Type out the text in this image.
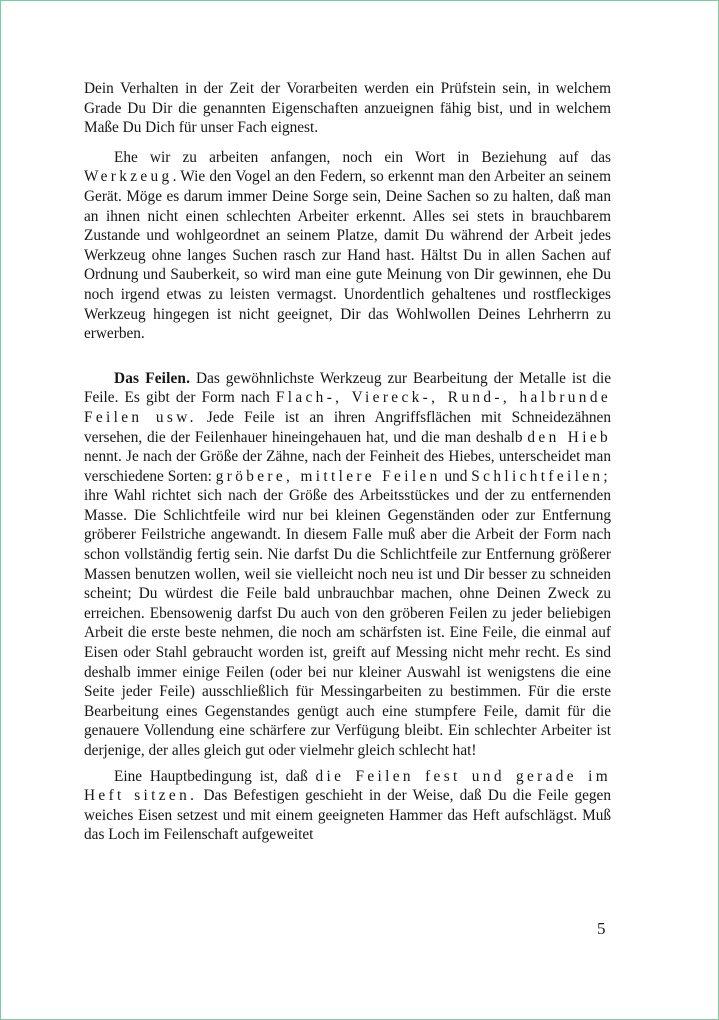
Dein Verhalten in der Zeit der Vorarbeiten werden ein Prüfstein sein, in welchem Grade Du Dir die genannten Eigenschaften anzueignen fähig bist, und in welchem Maße Du Dich für unser Fach eignest.

Ehe wir zu arbeiten anfangen, noch ein Wort in Beziehung auf das Werkzeug. Wie den Vogel an den Federn, so erkennt man den Arbeiter an seinem Gerät. Möge es darum immer Deine Sorge sein, Deine Sachen so zu halten, daß man an ihnen nicht einen schlechten Arbeiter erkennt. Alles sei stets in brauchbarem Zustande und wohlgeordnet an seinem Platze, damit Du während der Arbeit jedes Werkzeug ohne langes Suchen rasch zur Hand hast. Hältst Du in allen Sachen auf Ordnung und Sauberkeit, so wird man eine gute Meinung von Dir gewinnen, ehe Du noch irgend etwas zu leisten vermagst. Unordentlich gehaltenes und rostfleckiges Werkzeug hingegen ist nicht geeignet, Dir das Wohlwollen Deines Lehrherrn zu erwerben.

Das Feilen. Das gewöhnlichste Werkzeug zur Bearbeitung der Metalle ist die Feile. Es gibt der Form nach Flach-, Viereck-, Rund-, halbrunde Feilen usw. Jede Feile ist an ihren Angriffsflächen mit Schneidezähnen versehen, die der Feilenhauer hineingehauen hat, und die man deshalb den Hieb nennt. Je nach der Größe der Zähne, nach der Feinheit des Hiebes, unterscheidet man verschiedene Sorten: gröbere, mittlere Feilen und Schlichtfeilen; ihre Wahl richtet sich nach der Größe des Arbeitsstückes und der zu entfernenden Masse. Die Schlichtfeile wird nur bei kleinen Gegenständen oder zur Entfernung gröberer Feilstriche angewandt. In diesem Falle muß aber die Arbeit der Form nach schon vollständig fertig sein. Nie darfst Du die Schlichtfeile zur Entfernung größerer Massen benutzen wollen, weil sie vielleicht noch neu ist und Dir besser zu schneiden scheint; Du würdest die Feile bald unbrauchbar machen, ohne Deinen Zweck zu erreichen. Ebensowenig darfst Du auch von den gröberen Feilen zu jeder beliebigen Arbeit die erste beste nehmen, die noch am schärfsten ist. Eine Feile, die einmal auf Eisen oder Stahl gebraucht worden ist, greift auf Messing nicht mehr recht. Es sind deshalb immer einige Feilen (oder bei nur kleiner Auswahl ist wenigstens die eine Seite jeder Feile) ausschließlich für Messingarbeiten zu bestimmen. Für die erste Bearbeitung eines Gegenstandes genügt auch eine stumpfere Feile, damit für die genauere Vollendung eine schärfere zur Verfügung bleibt. Ein schlechter Arbeiter ist derjenige, der alles gleich gut oder vielmehr gleich schlecht hat!

Eine Hauptbedingung ist, daß die Feilen fest und gerade im Heft sitzen. Das Befestigen geschieht in der Weise, daß Du die Feile gegen weiches Eisen setzest und mit einem geeigneten Hammer das Heft aufschlägst. Muß das Loch im Feilenschaft aufgeweitet

5
